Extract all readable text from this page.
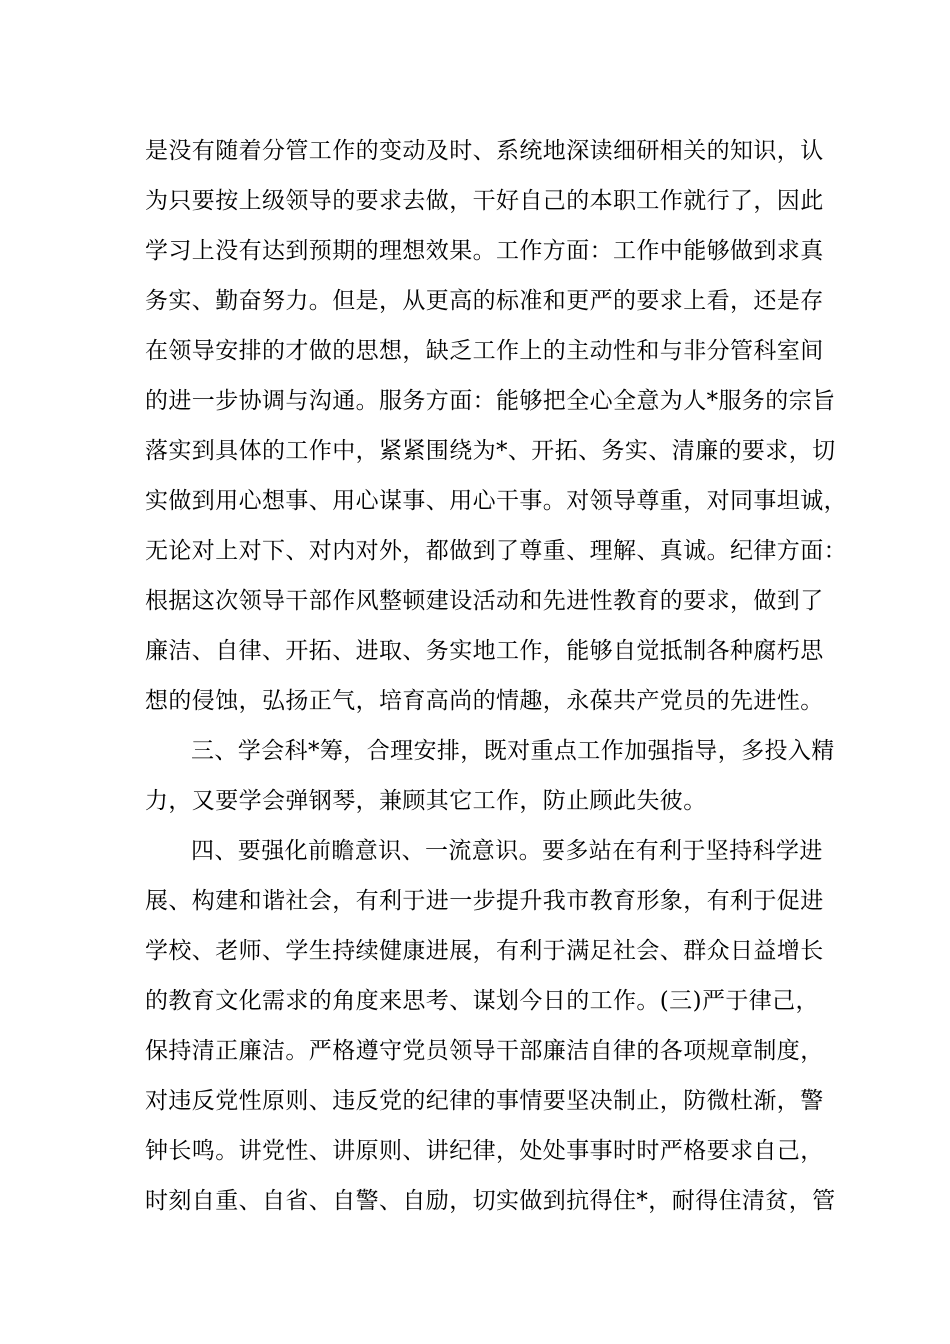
是没有随着分管工作的变动及时、系统地深读细研相关的知识，认
为只要按上级领导的要求去做，干好自己的本职工作就行了，因此
学习上没有达到预期的理想效果。工作方面：工作中能够做到求真
务实、勤奋努力。但是，从更高的标准和更严的要求上看，还是存
在领导安排的才做的思想，缺乏工作上的主动性和与非分管科室间
的进一步协调与沟通。服务方面：能够把全心全意为人*服务的宗旨
落实到具体的工作中，紧紧围绕为*、开拓、务实、清廉的要求，切
实做到用心想事、用心谋事、用心干事。对领导尊重，对同事坦诚，
无论对上对下、对内对外，都做到了尊重、理解、真诚。纪律方面：
根据这次领导干部作风整顿建设活动和先进性教育的要求，做到了
廉洁、自律、开拓、进取、务实地工作，能够自觉抵制各种腐朽思
想的侵蚀，弘扬正气，培育高尚的情趣，永葆共产党员的先进性。
三、学会科*筹，合理安排，既对重点工作加强指导，多投入精
力，又要学会弹钢琴，兼顾其它工作，防止顾此失彼。
四、要强化前瞻意识、一流意识。要多站在有利于坚持科学进
展、构建和谐社会，有利于进一步提升我市教育形象，有利于促进
学校、老师、学生持续健康进展，有利于满足社会、群众日益增长
的教育文化需求的角度来思考、谋划今日的工作。(三)严于律己，
保持清正廉洁。严格遵守党员领导干部廉洁自律的各项规章制度，
对违反党性原则、违反党的纪律的事情要坚决制止，防微杜渐，警
钟长鸣。讲党性、讲原则、讲纪律，处处事事时时严格要求自己，
时刻自重、自省、自警、自励，切实做到抗得住*，耐得住清贫，管
